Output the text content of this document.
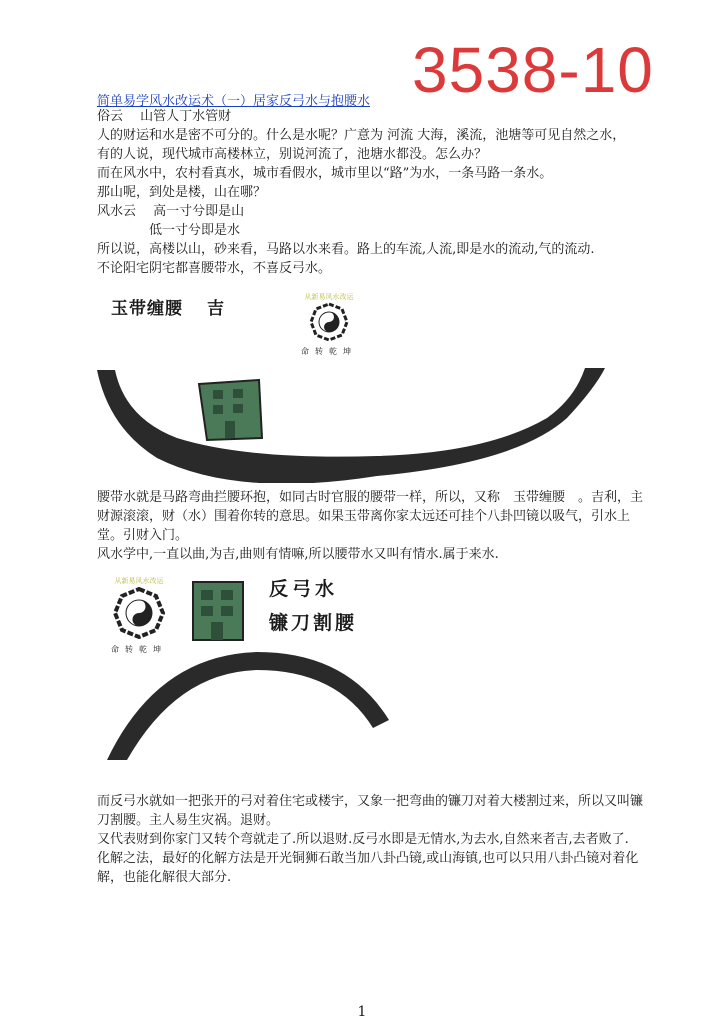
3538-10
简单易学风水改运术（一）居家反弓水与抱腰水
俗云　 山管人丁水管财
人的财运和水是密不可分的。什么是水呢？广意为 河流 大海，溪流，池塘等可见自然之水，
有的人说，现代城市高楼林立，别说河流了，池塘水都没。怎么办？
而在风水中，农村看真水，城市看假水，城市里以“路”为水，一条马路一条水。
那山呢，到处是楼，山在哪？
风水云　 高一寸兮即是山
　　　　低一寸兮即是水
所以说，高楼以山，砂来看，马路以水来看。路上的车流,人流,即是水的流动,气的流动.
不论阳宅阴宅都喜腰带水，不喜反弓水。
玉带缠腰 吉
从新易风水改运
命转乾坤
腰带水就是马路弯曲拦腰环抱，如同古时官服的腰带一样，所以，又称　玉带缠腰　。吉利，主财源滚滚，财（水）围着你转的意思。如果玉带离你家太远还可挂个八卦凹镜以吸气，引水上堂。引财入门。
风水学中,一直以曲,为吉,曲则有情嘛,所以腰带水又叫有情水.属于来水.
从新易风水改运
命转乾坤
反弓水
镰刀割腰
而反弓水就如一把张开的弓对着住宅或楼宇，又象一把弯曲的镰刀对着大楼割过来，所以又叫镰刀割腰。主人易生灾祸。退财。
又代表财到你家门又转个弯就走了.所以退财.反弓水即是无情水,为去水,自然来者吉,去者败了.
化解之法，最好的化解方法是开光铜狮石敢当加八卦凸镜,或山海镇,也可以只用八卦凸镜对着化解，也能化解很大部分.
1
